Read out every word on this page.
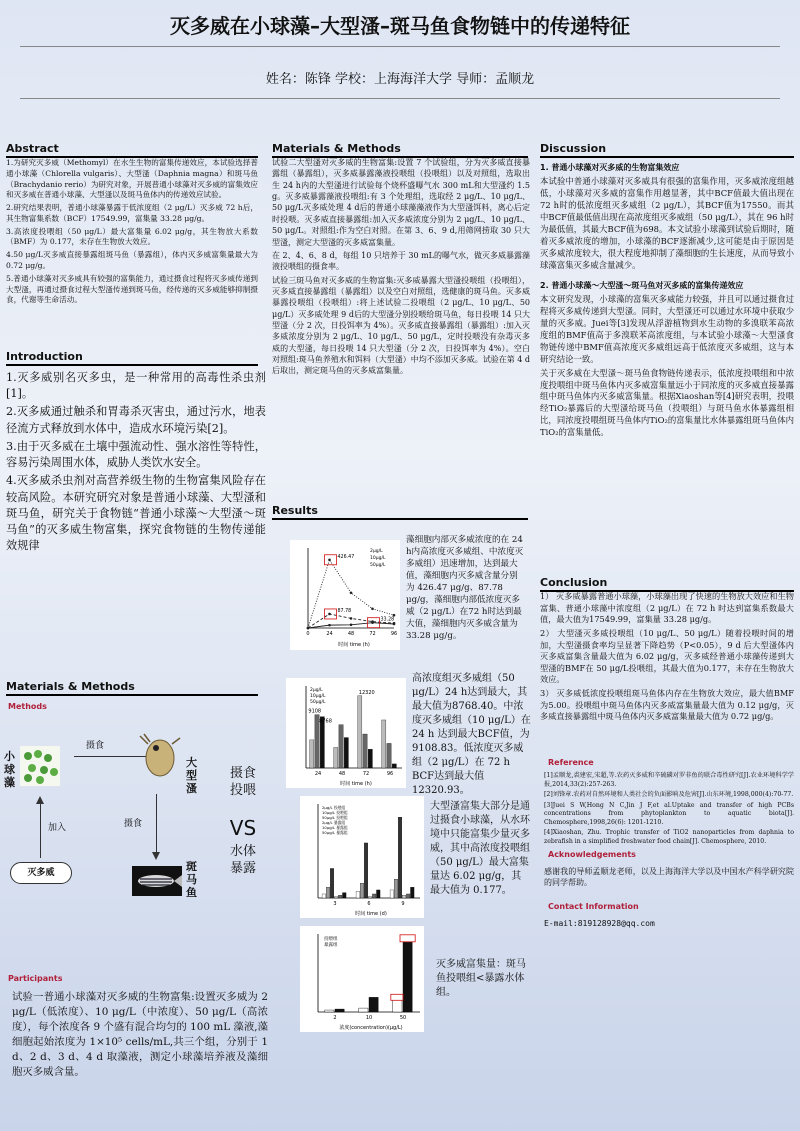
灭多威在小球藻–大型溞–斑马鱼食物链中的传递特征
姓名：陈锋 学校：上海海洋大学 导师：孟顺龙
Abstract

1.为研究灭多威（Methomyl）在水生生物的富集传递效应，本试验选择普通小球藻（Chlorella vulgaris）、大型溞（Daphnia magna）和斑马鱼（Brachydanio rerio）为研究对象，开展普通小球藻对灭多威的富集效应和灭多威在普通小球藻、大型溞以及斑马鱼体内的传递效应试验。

2.研究结果表明，普通小球藻暴露于低浓度组（2 μg/L）灭多威 72 h后，其生物富集系数（BCF）17549.99，富集量 33.28 μg/g。

3.高浓度投喂组（50 μg/L）最大富集量 6.02 μg/g，其生物放大系数（BMF）为 0.177，未存在生物放大效应。

4.50 μg/L灭多威直接暴露组斑马鱼（暴露组），体内灭多威富集量最大为 0.72 μg/g。

5.普通小球藻对灭多威具有较强的富集能力，通过摄食过程将灭多威传递到大型溞，再通过摄食过程大型溞传递到斑马鱼，经传递的灭多威能够抑制摄食，代谢等生命活动。

Introduction

1.灭多威别名灭多虫，是一种常用的高毒性杀虫剂[1]。

2.灭多威通过触杀和胃毒杀灭害虫，通过污水，地表径流方式释放到水体中，造成水环境污染[2]。

3.由于灭多威在土壤中强流动性、强水溶性等特性，容易污染周围水体，威胁人类饮水安全。

4.灭多威杀虫剂对高营养级生物的生物富集风险存在较高风险。本研究研究对象是普通小球藻、大型溞和斑马鱼，研究关于食物链“普通小球藻～大型溞～斑马鱼”的灭多威生物富集，探究食物链的生物传递能效规律

Materials & Methods
Methods
小球藻
摄食
大型溞
摄食
斑马鱼
加入
灭多威
摄食投喂
VS
水体暴露
Participants
试验一普通小球藻对灭多威的生物富集:设置灭多威为 2 μg/L（低浓度）、10 μg/L（中浓度）、50 μg/L（高浓度），每个浓度各 9 个盛有混合均匀的 100 mL 藻液,藻细胞起始浓度为 1×10⁵ cells/mL,共三个组，分别于 1 d、2 d、3 d、4 d 取藻液，测定小球藻培养液及藻细胞灭多威含量。
Materials & Methods

试验二大型溞对灭多威的生物富集:设置 7 个试验组，分为灭多威直接暴露组（暴露组），灭多威暴露藻液投喂组（投喂组）以及对照组，选取出生 24 h内的大型溞进行试验每个烧杯盛曝气水 300 mL和大型溞约 1.5 g。灭多威暴露藻液投喂组:有 3 个处理组，选取经 2 μg/L、10 μg/L、50 μg/L灭多威处理 4 d后的普通小球藻藻液作为大型溞饵料，离心后定时投喂。灭多威直接暴露组:加入灭多威浓度分别为 2 μg/L、10 μg/L、50 μg/L。对照组:作为空白对照。在第 3、6、9 d,用筛网捞取 30 只大型溞，测定大型溞的灭多威富集量。

在 2、4、6、8 d，每组 10 只培养于 30 mL的曝气水，做灭多威暴露藻液投喂组的摄食率。

试验三斑马鱼对灭多威的生物富集:灭多威暴露大型溞投喂组（投喂组），灭多威直接暴露组（暴露组）以及空白对照组，选健康的斑马鱼。灭多威暴露投喂组（投喂组）:将上述试验二投喂组（2 μg/L、10 μg/L、50 μg/L）灭多威处理 9 d后的大型溞分别投喂给斑马鱼，每日投喂 14 只大型溞（分 2 次，日投饵率为 4%）。灭多威直接暴露组（暴露组）:加入灭多威浓度分别为 2 μg/L、10 μg/L、50 μg/L，定时投喂没有杂毒灭多威的大型溞，每日投喂 14 只大型溞（分 2 次，日投饵率为 4%）。空白对照组:斑马鱼养殖水和饵料（大型溞）中均不添加灭多威。试验在第 4 d后取出，测定斑马鱼的灭多威富集量。

Results
2μg/L
10μg/L
50μg/L
0	24	48	72	96
时间 time (h)
426.47
87.78
33.28
藻细胞内部灭多威浓度的在 24 h内高浓度灭多威组、中浓度灭多威组）迅速增加，达到最大值，藻细胞内灭多威含量分别为 426.47 μg/g、87.78 μg/g，藻细胞内部低浓度灭多威（2 μg/L）在72 h时达到最大值，藻细胞内灭多威含量为 33.28 μg/g。
24	48	72	96
2μg/L
10μg/L
50μg/L
时间 time (h)
12320
9108
8768
高浓度组灭多威组（50 μg/L）24 h达到最大，其最大值为8768.40。中浓度灭多威组（10 μg/L）在 24 h 达到最大BCF值，为9108.83。低浓度灭多威组（2 μg/L）在 72 h BCF达到最大值12320.93。
3	6	9
2μg/L 投喂组
10μg/L 投喂组
50μg/L 投喂组
2μg/L 暴露组
10μg/L 暴露组
50μg/L 暴露组
时间 time (d)
大型溞富集大部分是通过摄食小球藻，从水环境中只能富集少量灭多威，其中高浓度投喂组（50 μg/L）最大富集量达 6.02 μg/g，其最大值为 0.177。
2	10	50
投喂组
暴露组
浓度(concentration)(μg/L)
灭多威富集量：斑马鱼投喂组<暴露水体组。
Discussion
1. 普通小球藻对灭多威的生物富集效应

本试验中普通小球藻对灭多威具有很强的富集作用，灭多威浓度组越低，小球藻对灭多威的富集作用越显著，其中BCF值最大值出现在 72 h时的低浓度组灭多威组（2 μg/L），其BCF值为17550。而其中BCF值最低值出现在高浓度组灭多威组（50 μg/L），其在 96 h时为最低值，其最大BCF值为698。本文试验小球藻到试验后期时，随着灭多威浓度的增加，小球藻的BCF逐渐减少,这可能是由于原因是灭多威浓度较大，很大程度地抑制了藻细胞的生长速度，从而导致小球藻富集灭多威含量减少。

2. 普通小球藻～大型溞～斑马鱼对灭多威的富集传递效应

本文研究发现，小球藻的富集灭多威能力较强，并且可以通过摄食过程将灭多威传递到大型溞。同时，大型溞还可以通过水环境中获取少量的灭多威。Juei等[3]发现从浮游植物到水生动物的多溴联苯高浓度组的BMF值高于多溴联苯高浓度组，与本试验小球藻～大型溞食物链传递中BMF值高浓度灭多威组远高于低浓度灭多威组，这与本研究结论一致。

关于灭多威在大型溞～斑马鱼食物链传递表示，低浓度投喂组和中浓度投喂组中斑马鱼体内灭多威富集量远小于同浓度的灭多威直接暴露组中斑马鱼体内灭多威富集量。根据Xiaoshan等[4]研究表明，投喂经TiO₂暴露后的大型溞给斑马鱼（投喂组）与斑马鱼水体暴露组相比，同浓度投喂组斑马鱼体内TiO₂的富集量比水体暴露组斑马鱼体内TiO₂的富集量低。

Conclusion

1） 灭多威暴露普通小球藻，小球藻出现了快速的生物放大效应和生物富集、普通小球藻中浓度组（2 μg/L）在 72 h 时达到富集系数最大值，最大值为17549.99，富集量 33.28 μg/g。

2） 大型溞灭多威投喂组（10 μg/L、50 μg/L）随着投喂时间的增加，大型溞摄食率均呈显著下降趋势（P<0.05），9 d 后大型溞体内灭多威富集含量最大值为 6.02 μg/g，灭多威经普通小球藻传递到大型溞的BMF在 50 μg/L投喂组，其最大值为0.177，未存在生物放大效应。

3） 灭多威低浓度投喂组斑马鱼体内存在生物放大效应，最大值BMF为5.00。投喂组中斑马鱼体内灭多威富集量最大值为 0.12 μg/g，灭多威直接暴露组中斑马鱼体内灭多威富集量最大值为 0.72 μg/g。

Reference

[1]孟顺龙,裘建宏,宋超,等.农药灭多威和辛硫磷对罗非鱼的联合毒性研究[J].农业环境科学学报,2014,33(2):257-263.

[2]刘锋章.农药对自然环境和人类社会的负面影响及危害[J].山东环境,1998,000(4):70-77.

[3]Juei S W,Hong N C,Jin J F,et al.Uptake and transfer of high PCBs concentrations from phytoplankton to aquatic biota[J]. Chemosphere,1998,26(6): 1201-1210.

[4]Xiaoshan, Zhu. Trophic transfer of TiO2 nanoparticles from daphnia to zebrafish in a simplified freshwater food chain[J]. Chemosphere, 2010.

Acknowledgements
感谢我的导师孟顺龙老师，以及上海海洋大学以及中国水产科学研究院的同学帮助。
Contact Information
E-mail:819128928@qq.com
